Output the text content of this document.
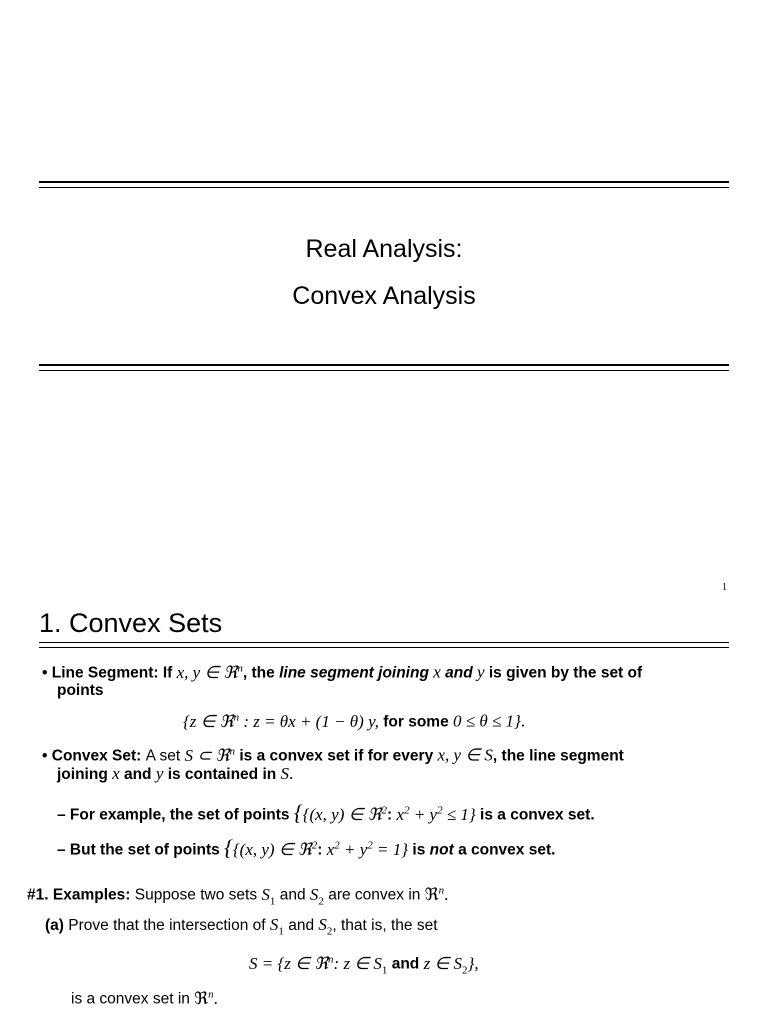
Real Analysis:
Convex Analysis
1
1. Convex Sets
• Line Segment: If x, y ∈ ℜ$^n$, the line segment joining x and y is given by the set of
points
{z ∈ ℜ$^n$ : z = θx + (1 − θ) y, for some 0 ≤ θ ≤ 1}.
• Convex Set: A set S ⊂ ℜ$^n$ is a convex set if for every x, y ∈ S, the line segment
joining x and y is contained in S.
– For example, the set of points {{(x, y) ∈ ℜ$^2$: $x^2 + y^2 \le 1$} is a convex set.
– But the set of points {{(x, y) ∈ ℜ$^2$: $x^2 + y^2 = 1$} is not a convex set.
#1. Examples: Suppose two sets $S_1$ and $S_2$ are convex in ℜ$^n$.
(a) Prove that the intersection of $S_1$ and $S_2$, that is, the set
S = {z ∈ ℜ$^n$: z ∈ $S_1$ and z ∈ $S_2$},
is a convex set in ℜ$^n$.
